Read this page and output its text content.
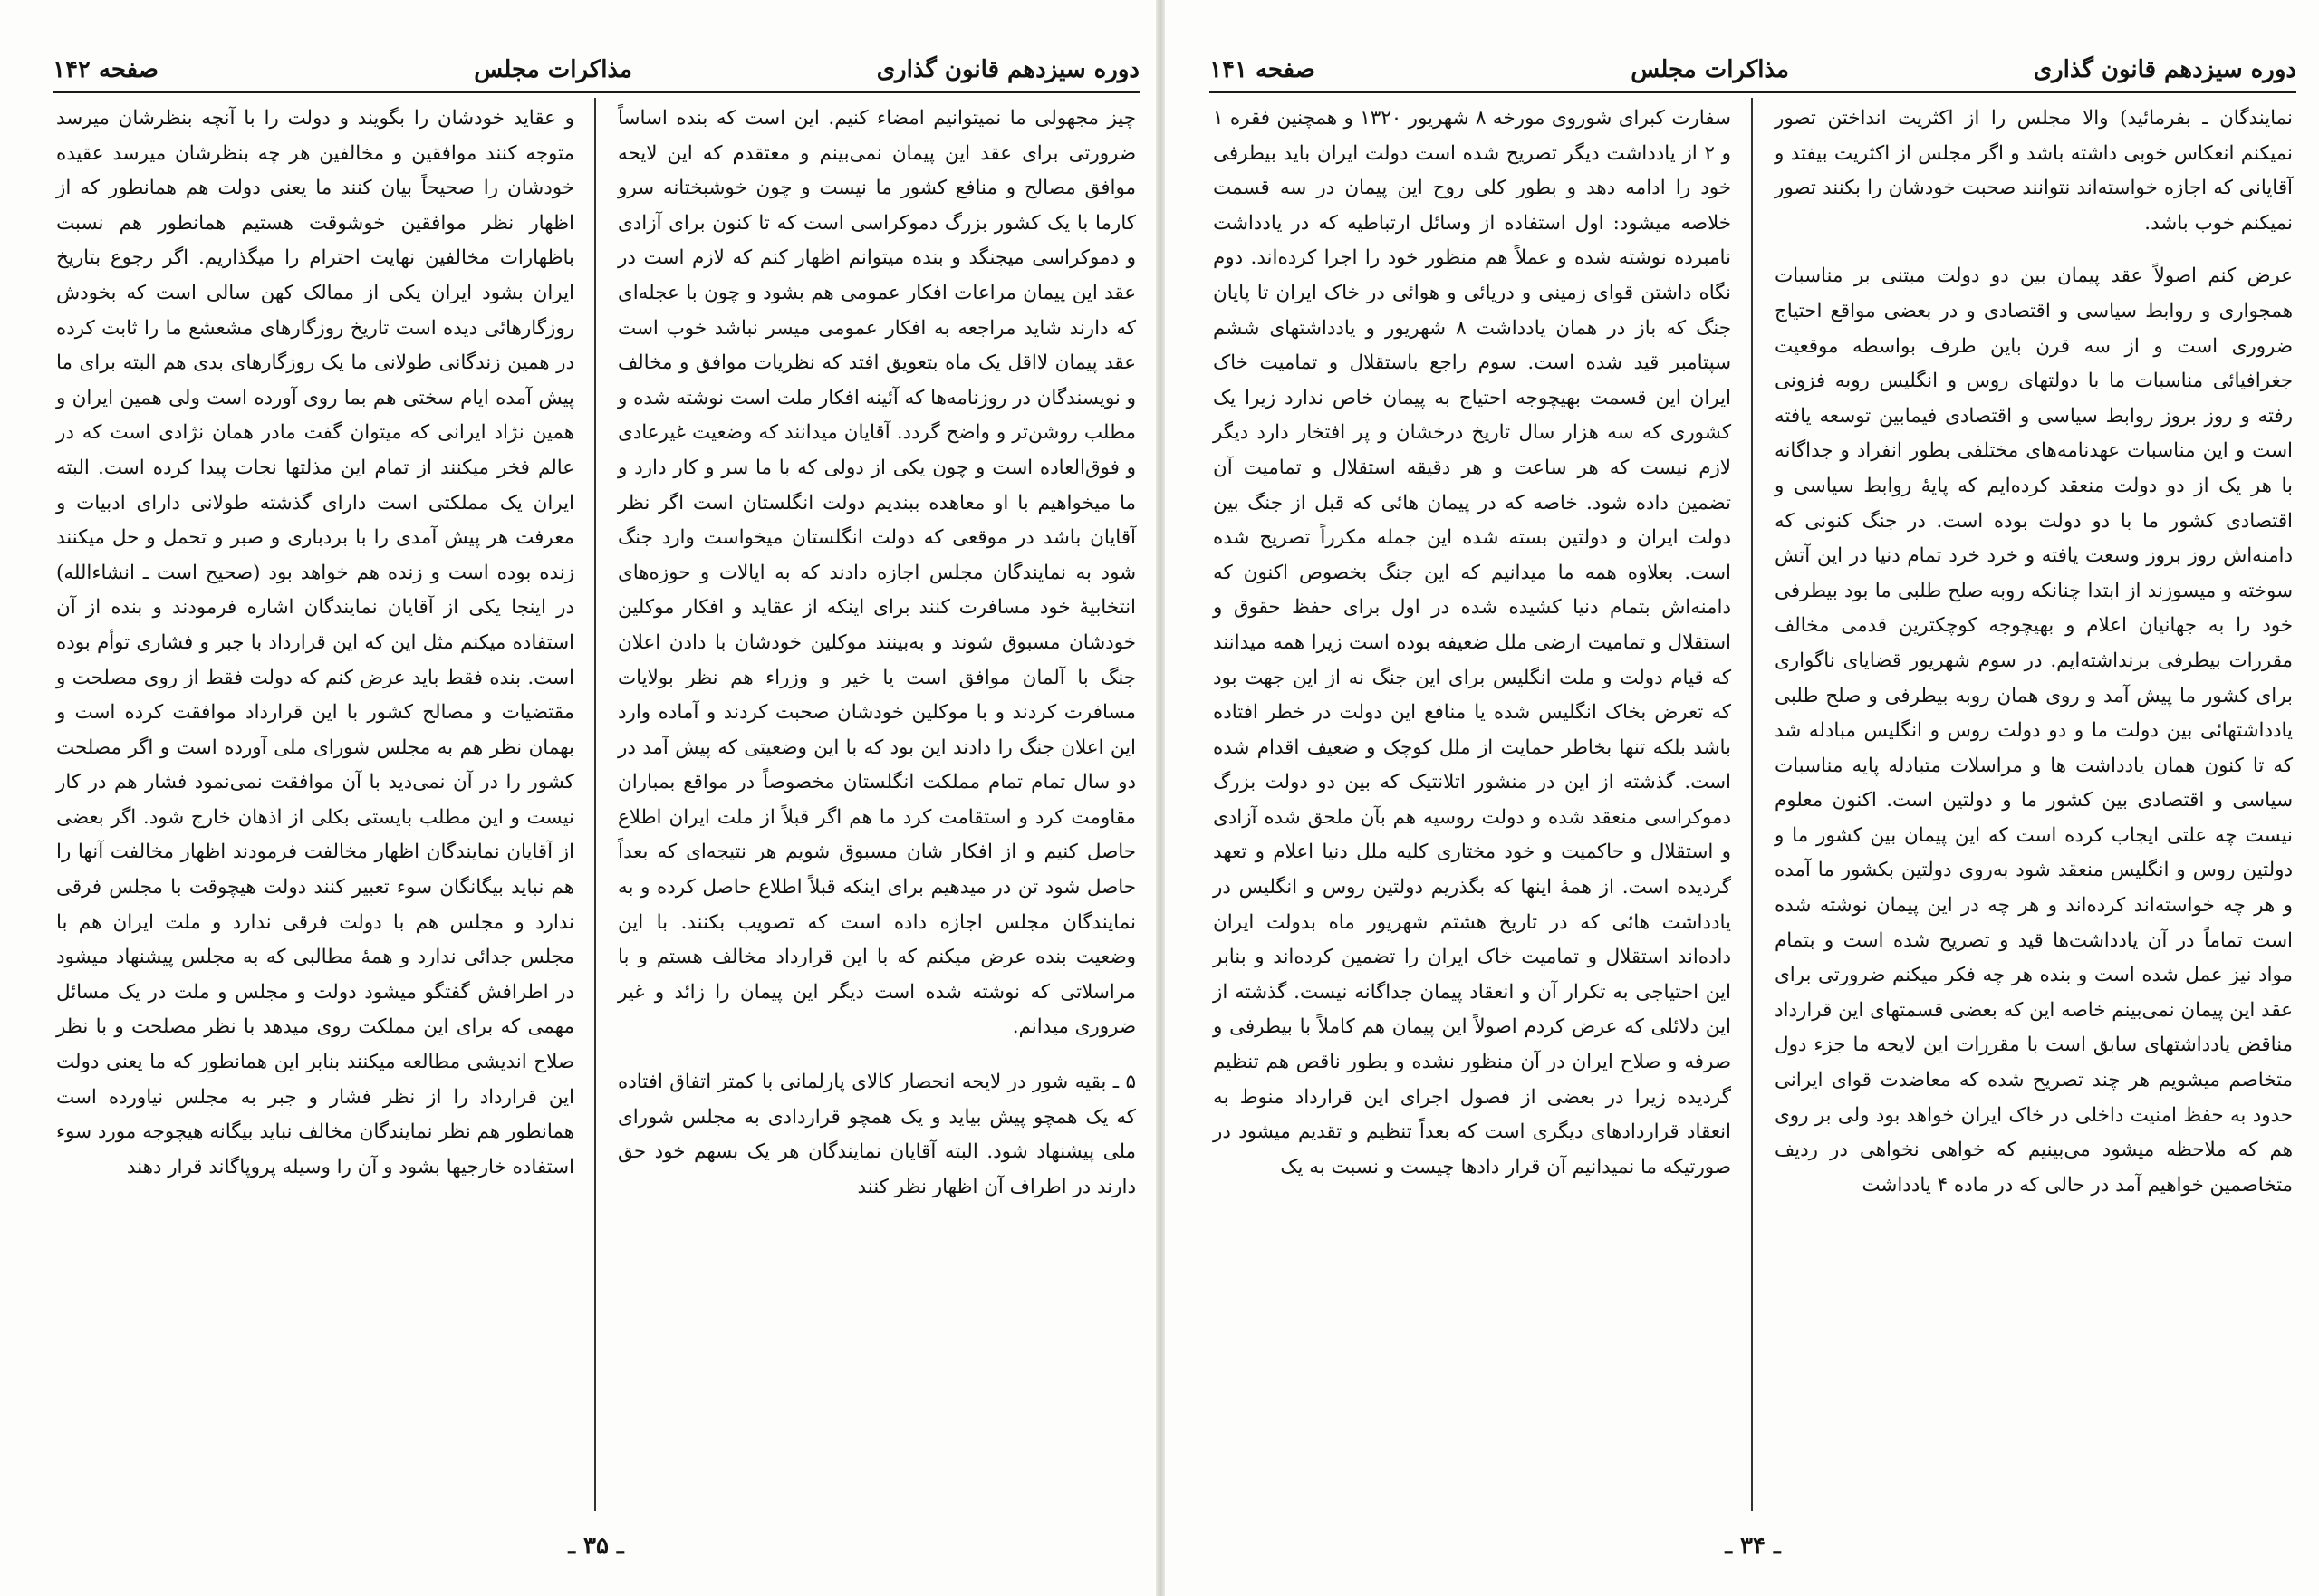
دوره سیزدهم قانون گذاری
مذاکرات مجلس
صفحه ۱۴۲

چیز مجهولی ما نمیتوانیم امضاء کنیم. این است که بنده اساساً ضرورتی برای عقد این پیمان نمی‌بینم و معتقدم که این لایحه موافق مصالح و منافع کشور ما نیست و چون خوشبختانه سرو کارما با یک کشور بزرگ دموکراسی است که تا کنون برای آزادی و دموکراسی میجنگد و بنده میتوانم اظهار کنم که لازم است در عقد این پیمان مراعات افکار عمومی هم بشود و چون با عجله‌ای که دارند شاید مراجعه به افکار عمومی میسر نباشد خوب است عقد پیمان لااقل یک ماه بتعویق افتد که نظریات موافق و مخالف و نویسندگان در روزنامه‌ها که آئینه افکار ملت است نوشته شده و مطلب روشن‌تر و واضح گردد. آقایان میدانند که وضعیت غیرعادی و فوق‌العاده است و چون یکی از دولی که با ما سر و کار دارد و ما میخواهیم با او معاهده ببندیم دولت انگلستان است اگر نظر آقایان باشد در موقعی که دولت انگلستان میخواست وارد جنگ شود به نمایندگان مجلس اجازه دادند که به ایالات و حوزه‌های انتخابیهٔ خود مسافرت کنند برای اینکه از عقاید و افکار موکلین خودشان مسبوق شوند و به‌بینند موکلین خودشان با دادن اعلان جنگ با آلمان موافق است یا خیر و وزراء هم نظر بولایات مسافرت کردند و با موکلین خودشان صحبت کردند و آماده وارد این اعلان جنگ را دادند این بود که با این وضعیتی که پیش آمد در دو سال تمام تمام مملکت انگلستان مخصوصاً در مواقع بمباران مقاومت کرد و استقامت کرد ما هم اگر قبلاً از ملت ایران اطلاع حاصل کنیم و از افکار شان مسبوق شویم هر نتیجه‌ای که بعداً حاصل شود تن در میدهیم برای اینکه قبلاً اطلاع حاصل کرده و به نمایندگان مجلس اجازه داده است که تصویب بکنند. با این وضعیت بنده عرض میکنم که با این قرارداد مخالف هستم و با مراسلاتی که نوشته شده است دیگر این پیمان را زائد و غیر ضروری میدانم.

۵ ـ بقیه شور در لایحه انحصار کالای پارلمانی با کمتر اتفاق افتاده که یک همچو پیش بیاید و یک همچو قراردادی به مجلس شورای ملی پیشنهاد شود. البته آقایان نمایندگان هر یک بسهم خود حق دارند در اطراف آن اظهار نظر کنند

و عقاید خودشان را بگویند و دولت را با آنچه بنظرشان میرسد متوجه کنند موافقین و مخالفین هر چه بنظرشان میرسد عقیده خودشان را صحیحاً بیان کنند ما یعنی دولت هم همانطور که از اظهار نظر موافقین خوشوقت هستیم همانطور هم نسبت باظهارات مخالفین نهایت احترام را میگذاریم. اگر رجوع بتاریخ ایران بشود ایران یکی از ممالک کهن سالی است که بخودش روزگارهائی دیده است تاریخ روزگارهای مشعشع ما را ثابت کرده در همین زندگانی طولانی ما یک روزگارهای بدی هم البته برای ما پیش آمده ایام سختی هم بما روی آورده است ولی همین ایران و همین نژاد ایرانی که میتوان گفت مادر همان نژادی است که در عالم فخر میکنند از تمام این مذلتها نجات پیدا کرده است. البته ایران یک مملکتی است دارای گذشته طولانی دارای ادبیات و معرفت هر پیش آمدی را با بردباری و صبر و تحمل و حل میکنند زنده بوده است و زنده هم خواهد بود (صحیح است ـ انشاءالله) در اینجا یکی از آقایان نمایندگان اشاره فرمودند و بنده از آن استفاده میکنم مثل این که این قرارداد با جبر و فشاری توأم بوده است. بنده فقط باید عرض کنم که دولت فقط از روی مصلحت و مقتضیات و مصالح کشور با این قرارداد موافقت کرده است و بهمان نظر هم به مجلس شورای ملی آورده است و اگر مصلحت کشور را در آن نمی‌دید با آن موافقت نمی‌نمود فشار هم در کار نیست و این مطلب بایستی بکلی از اذهان خارج شود. اگر بعضی از آقایان نمایندگان اظهار مخالفت فرمودند اظهار مخالفت آنها را هم نباید بیگانگان سوء تعبیر کنند دولت هیچوقت با مجلس فرقی ندارد و مجلس هم با دولت فرقی ندارد و ملت ایران هم با مجلس جدائی ندارد و همهٔ مطالبی که به مجلس پیشنهاد میشود در اطرافش گفتگو میشود دولت و مجلس و ملت در یک مسائل مهمی که برای این مملکت روی میدهد با نظر مصلحت و با نظر صلاح اندیشی مطالعه میکنند بنابر این همانطور که ما یعنی دولت این قرارداد را از نظر فشار و جبر به مجلس نیاورده است همانطور هم نظر نمایندگان مخالف نباید بیگانه هیچوجه مورد سوء استفاده خارجیها بشود و آن را وسیله پروپاگاند قرار دهند

ـ ۳۵ ـ
دوره سیزدهم قانون گذاری
مذاکرات مجلس
صفحه ۱۴۱

نمایندگان ـ بفرمائید) والا مجلس را از اکثریت انداختن تصور نمیکنم انعکاس خوبی داشته باشد و اگر مجلس از اکثریت بیفتد و آقایانی که اجازه خواسته‌اند نتوانند صحبت خودشان را بکنند تصور نمیکنم خوب باشد.

عرض کنم اصولاً عقد پیمان بین دو دولت مبتنی بر مناسبات همجواری و روابط سیاسی و اقتصادی و در بعضی مواقع احتیاج ضروری است و از سه قرن باین طرف بواسطه موقعیت جغرافیائی مناسبات ما با دولتهای روس و انگلیس روبه فزونی رفته و روز بروز روابط سیاسی و اقتصادی فیمابین توسعه یافته است و این مناسبات عهدنامه‌های مختلفی بطور انفراد و جداگانه با هر یک از دو دولت منعقد کرده‌ایم که پایهٔ روابط سیاسی و اقتصادی کشور ما با دو دولت بوده است. در جنگ کنونی که دامنه‌اش روز بروز وسعت یافته و خرد خرد تمام دنیا در این آتش سوخته و میسوزند از ابتدا چنانکه روبه صلح طلبی ما بود بیطرفی خود را به جهانیان اعلام و بهیچوجه کوچکترین قدمی مخالف مقررات بیطرفی برنداشته‌ایم. در سوم شهریور قضایای ناگواری برای کشور ما پیش آمد و روی همان روبه بیطرفی و صلح طلبی یادداشتهائی بین دولت ما و دو دولت روس و انگلیس مبادله شد که تا کنون همان یادداشت ها و مراسلات متبادله پایه مناسبات سیاسی و اقتصادی بین کشور ما و دولتین است. اکنون معلوم نیست چه علتی ایجاب کرده است که این پیمان بین کشور ما و دولتین روس و انگلیس منعقد شود به‌روی دولتین بکشور ما آمده و هر چه خواسته‌اند کرده‌اند و هر چه در این پیمان نوشته شده است تماماً در آن یادداشت‌ها قید و تصریح شده است و بتمام مواد نیز عمل شده است و بنده هر چه فکر میکنم ضرورتی برای عقد این پیمان نمی‌بینم خاصه این که بعضی قسمتهای این قرارداد مناقض یادداشتهای سابق است با مقررات این لایحه ما جزء دول متخاصم میشویم هر چند تصریح شده که معاضدت قوای ایرانی حدود به حفظ امنیت داخلی در خاک ایران خواهد بود ولی بر روی هم که ملاحظه میشود می‌بینیم که خواهی نخواهی در ردیف متخاصمین خواهیم آمد در حالی که در ماده ۴ یادداشت

سفارت کبرای شوروی مورخه ۸ شهریور ۱۳۲۰ و همچنین فقره ۱ و ۲ از یادداشت دیگر تصریح شده است دولت ایران باید بیطرفی خود را ادامه دهد و بطور کلی روح این پیمان در سه قسمت خلاصه میشود: اول استفاده از وسائل ارتباطیه که در یادداشت نامبرده نوشته شده و عملاً هم منظور خود را اجرا کرده‌اند. دوم نگاه داشتن قوای زمینی و دریائی و هوائی در خاک ایران تا پایان جنگ که باز در همان یادداشت ۸ شهریور و یادداشتهای ششم سپتامبر قید شده است. سوم راجع باستقلال و تمامیت خاک ایران این قسمت بهیچوجه احتیاج به پیمان خاص ندارد زیرا یک کشوری که سه هزار سال تاریخ درخشان و پر افتخار دارد دیگر لازم نیست که هر ساعت و هر دقیقه استقلال و تمامیت آن تضمین داده شود. خاصه که در پیمان هائی که قبل از جنگ بین دولت ایران و دولتین بسته شده این جمله مکرراً تصریح شده است. بعلاوه همه ما میدانیم که این جنگ بخصوص اکنون که دامنه‌اش بتمام دنیا کشیده شده در اول برای حفظ حقوق و استقلال و تمامیت ارضی ملل ضعیفه بوده است زیرا همه میدانند که قیام دولت و ملت انگلیس برای این جنگ نه از این جهت بود که تعرض بخاک انگلیس شده یا منافع این دولت در خطر افتاده باشد بلکه تنها بخاطر حمایت از ملل کوچک و ضعیف اقدام شده است. گذشته از این در منشور اتلانتیک که بین دو دولت بزرگ دموکراسی منعقد شده و دولت روسیه هم بآن ملحق شده آزادی و استقلال و حاکمیت و خود مختاری کلیه ملل دنیا اعلام و تعهد گردیده است. از همهٔ اینها که بگذریم دولتین روس و انگلیس در یادداشت هائی که در تاریخ هشتم شهریور ماه بدولت ایران داده‌اند استقلال و تمامیت خاک ایران را تضمین کرده‌اند و بنابر این احتیاجی به تکرار آن و انعقاد پیمان جداگانه نیست. گذشته از این دلائلی که عرض کردم اصولاً این پیمان هم کاملاً با بیطرفی و صرفه و صلاح ایران در آن منظور نشده و بطور ناقص هم تنظیم گردیده زیرا در بعضی از فصول اجرای این قرارداد منوط به انعقاد قراردادهای دیگری است که بعداً تنظیم و تقدیم میشود در صورتیکه ما نمیدانیم آن قرار دادها چیست و نسبت به یک

ـ ۳۴ ـ
